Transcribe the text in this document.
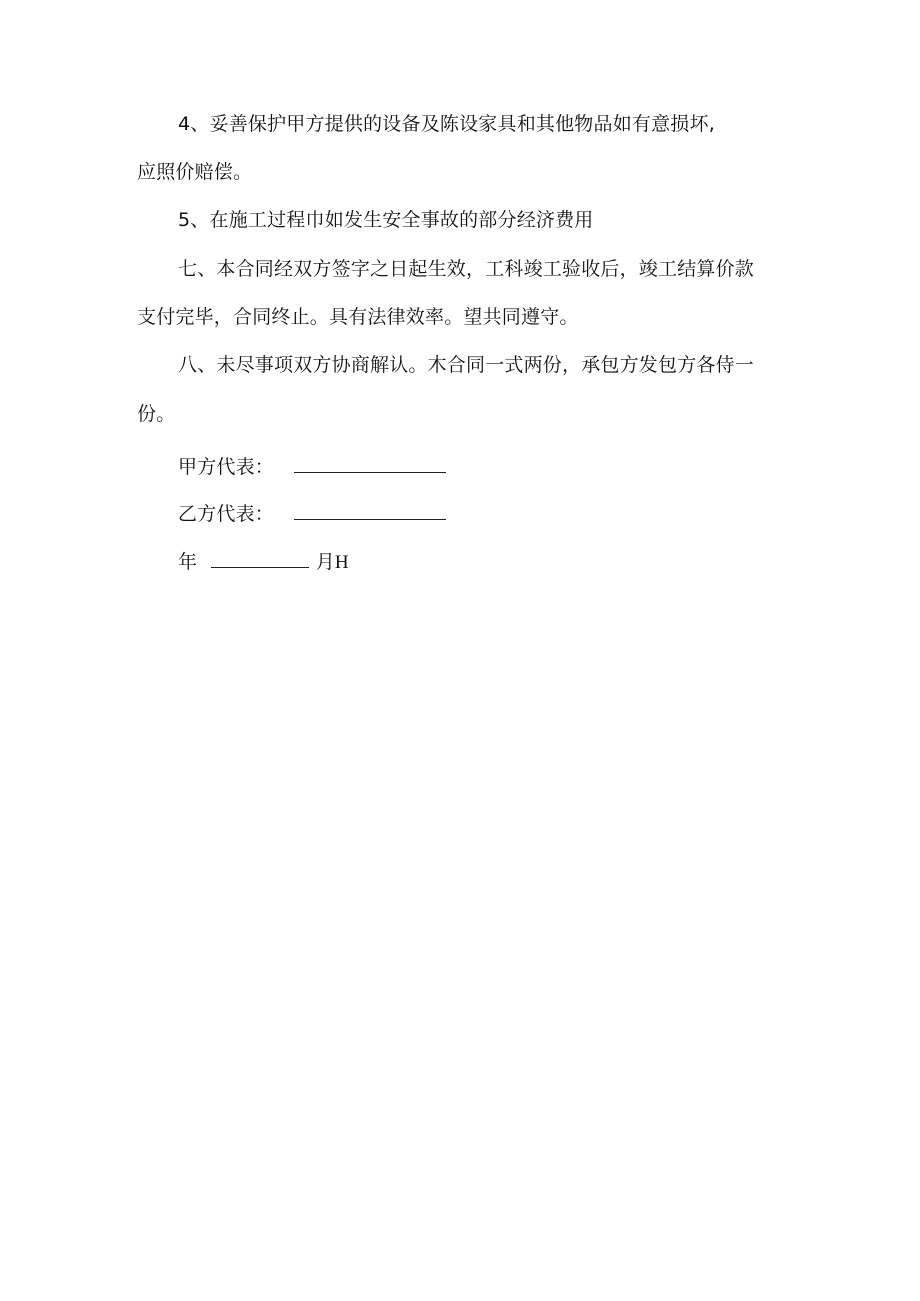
4、妥善保护甲方提供的设备及陈设家具和其他物品如有意损坏,
应照价赔偿。
5、在施工过程巾如发生安全事故的部分经济费用
七、本合同经双方签字之日起生效，工科竣工验收后，竣工结算价款
支付完毕，合同终止。具有法律效率。望共同遵守。
八、未尽事项双方协商解认。木合同一式两份，承包方发包方各侍一
份。
甲方代表：
乙方代表：
年	月H
